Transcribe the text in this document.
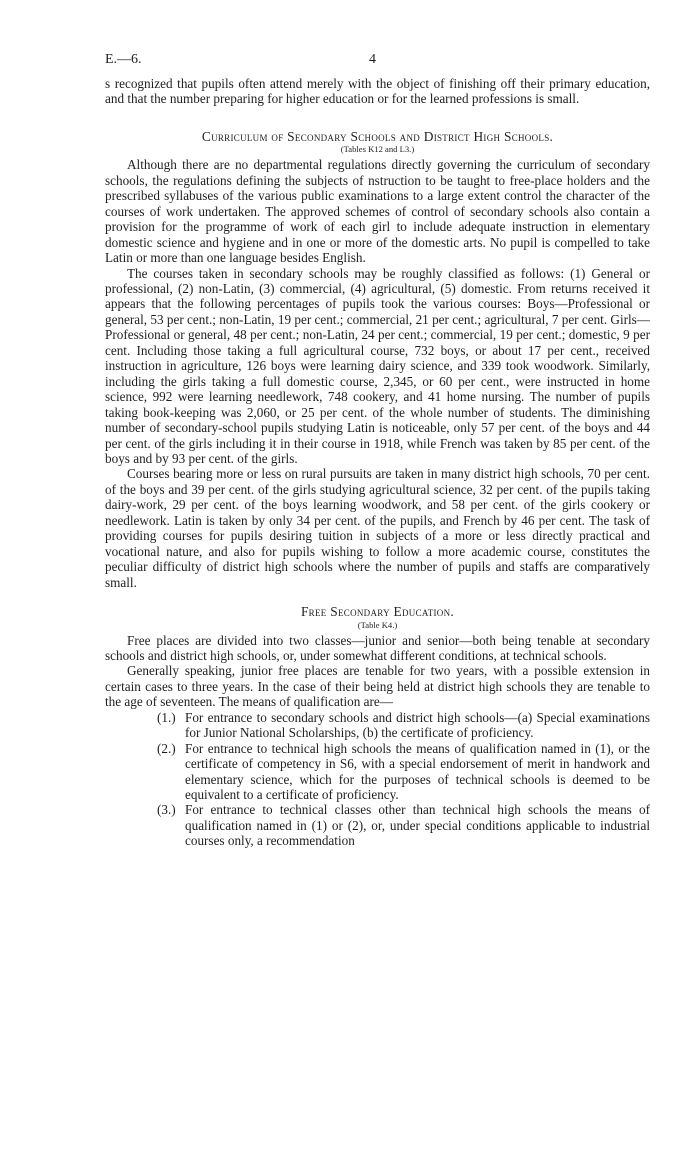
E.—6.	4

s recognized that pupils often attend merely with the object of finishing off their primary education, and that the number preparing for higher education or for the learned professions is small.

Curriculum of Secondary Schools and District High Schools.
(Tables K12 and L3.)

Although there are no departmental regulations directly governing the curriculum of secondary schools, the regulations defining the subjects of nstruction to be taught to free-place holders and the prescribed syllabuses of the various public examinations to a large extent control the character of the courses of work undertaken. The approved schemes of control of secondary schools also contain a provision for the programme of work of each girl to include adequate instruction in elementary domestic science and hygiene and in one or more of the domestic arts. No pupil is compelled to take Latin or more than one language besides English.

The courses taken in secondary schools may be roughly classified as follows: (1) General or professional, (2) non-Latin, (3) commercial, (4) agricultural, (5) domestic. From returns received it appears that the following percentages of pupils took the various courses: Boys—Professional or general, 53 per cent.; non-Latin, 19 per cent.; commercial, 21 per cent.; agricultural, 7 per cent. Girls—Professional or general, 48 per cent.; non-Latin, 24 per cent.; commercial, 19 per cent.; domestic, 9 per cent. Including those taking a full agricultural course, 732 boys, or about 17 per cent., received instruction in agriculture, 126 boys were learning dairy science, and 339 took woodwork. Similarly, including the girls taking a full domestic course, 2,345, or 60 per cent., were instructed in home science, 992 were learning needlework, 748 cookery, and 41 home nursing. The number of pupils taking book-keeping was 2,060, or 25 per cent. of the whole number of students. The diminishing number of secondary-school pupils studying Latin is noticeable, only 57 per cent. of the boys and 44 per cent. of the girls including it in their course in 1918, while French was taken by 85 per cent. of the boys and by 93 per cent. of the girls.

Courses bearing more or less on rural pursuits are taken in many district high schools, 70 per cent. of the boys and 39 per cent. of the girls studying agricultural science, 32 per cent. of the pupils taking dairy-work, 29 per cent. of the boys learning woodwork, and 58 per cent. of the girls cookery or needlework. Latin is taken by only 34 per cent. of the pupils, and French by 46 per cent. The task of providing courses for pupils desiring tuition in subjects of a more or less directly practical and vocational nature, and also for pupils wishing to follow a more academic course, constitutes the peculiar difficulty of district high schools where the number of pupils and staffs are comparatively small.

Free Secondary Education.
(Table K4.)

Free places are divided into two classes—junior and senior—both being tenable at secondary schools and district high schools, or, under somewhat different conditions, at technical schools.

Generally speaking, junior free places are tenable for two years, with a possible extension in certain cases to three years. In the case of their being held at district high schools they are tenable to the age of seventeen. The means of qualification are—

(1.) For entrance to secondary schools and district high schools—(a) Special examinations for Junior National Scholarships, (b) the certificate of proficiency.

(2.) For entrance to technical high schools the means of qualification named in (1), or the certificate of competency in S6, with a special endorsement of merit in handwork and elementary science, which for the purposes of technical schools is deemed to be equivalent to a certificate of proficiency.

(3.) For entrance to technical classes other than technical high schools the means of qualification named in (1) or (2), or, under special conditions applicable to industrial courses only, a recommendation
